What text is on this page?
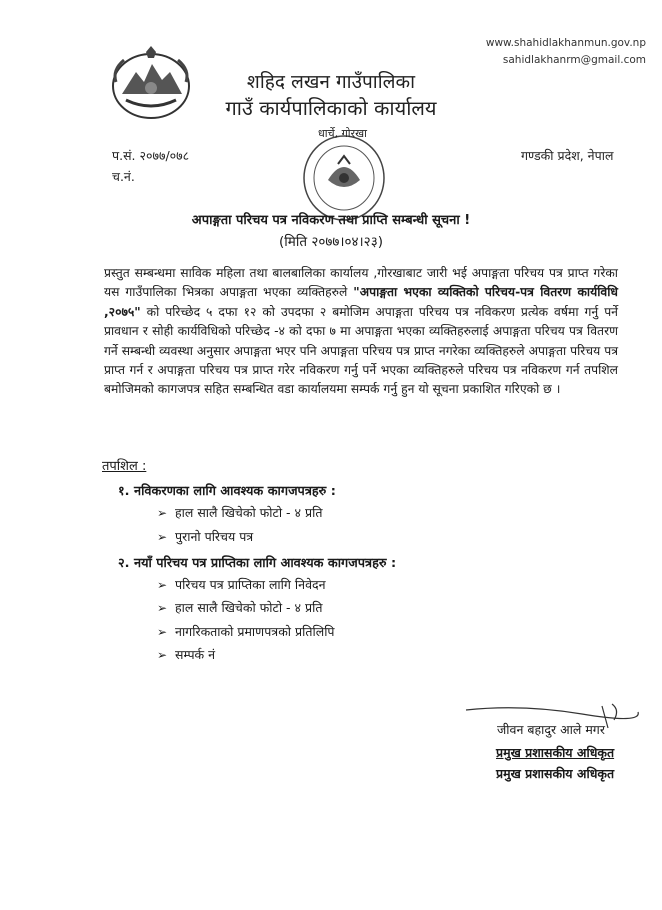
www.shahidlakhanmun.gov.np
sahidlakhanrm@gmail.com
शहिद लखन गाउँपालिका
गाउँ कार्यपालिकाको कार्यालय
प.सं. २०७७/०७८
च.नं.
गण्डकी प्रदेश, नेपाल
धार्चे, गोरखा
अपाङ्गता परिचय पत्र नविकरण तथा प्राप्ति सम्बन्धी सूचना !
(मिति २०७७।०४।२३)

प्रस्तुत सम्बन्धमा साविक महिला तथा बालबालिका कार्यालय ,गोरखाबाट जारी भई अपाङ्गता परिचय पत्र प्राप्त गरेका यस गाउँपालिका भित्रका अपाङ्गता भएका व्यक्तिहरुले "अपाङ्गता भएका व्यक्तिको परिचय-पत्र वितरण कार्यविधि ,२०७५" को परिच्छेद ५ दफा १२ को उपदफा २ बमोजिम अपाङ्गता परिचय पत्र नविकरण प्रत्येक वर्षमा गर्नु पर्ने प्रावधान र सोही कार्यविधिको परिच्छेद -४ को दफा ७ मा अपाङ्गता भएका व्यक्तिहरुलाई अपाङ्गता परिचय पत्र वितरण गर्ने सम्बन्धी व्यवस्था अनुसार अपाङ्गता भएर पनि अपाङ्गता परिचय पत्र प्राप्त नगरेका व्यक्तिहरुले अपाङ्गता परिचय पत्र प्राप्त गर्न र अपाङ्गता परिचय पत्र प्राप्त गरेर नविकरण गर्नु पर्ने भएका व्यक्तिहरुले परिचय पत्र नविकरण गर्न तपशिल बमोजिमको कागजपत्र सहित सम्बन्धित वडा कार्यालयमा सम्पर्क गर्नु हुन यो सूचना प्रकाशित गरिएको छ ।

तपशिल :
१. नविकरणका लागि आवश्यक कागजपत्रहरु :
➢ हाल सालै खिचेको फोटो - ४ प्रति
➢ पुरानो परिचय पत्र
२. नयाँ परिचय पत्र प्राप्तिका लागि आवश्यक कागजपत्रहरु :
➢ परिचय पत्र प्राप्तिका लागि निवेदन
➢ हाल सालै खिचेको फोटो - ४ प्रति
➢ नागरिकताको प्रमाणपत्रको प्रतिलिपि
➢ सम्पर्क नं
जीवन बहादुर आले मगर
प्रमुख प्रशासकीय अधिकृत
प्रमुख प्रशासकीय अधिकृत
